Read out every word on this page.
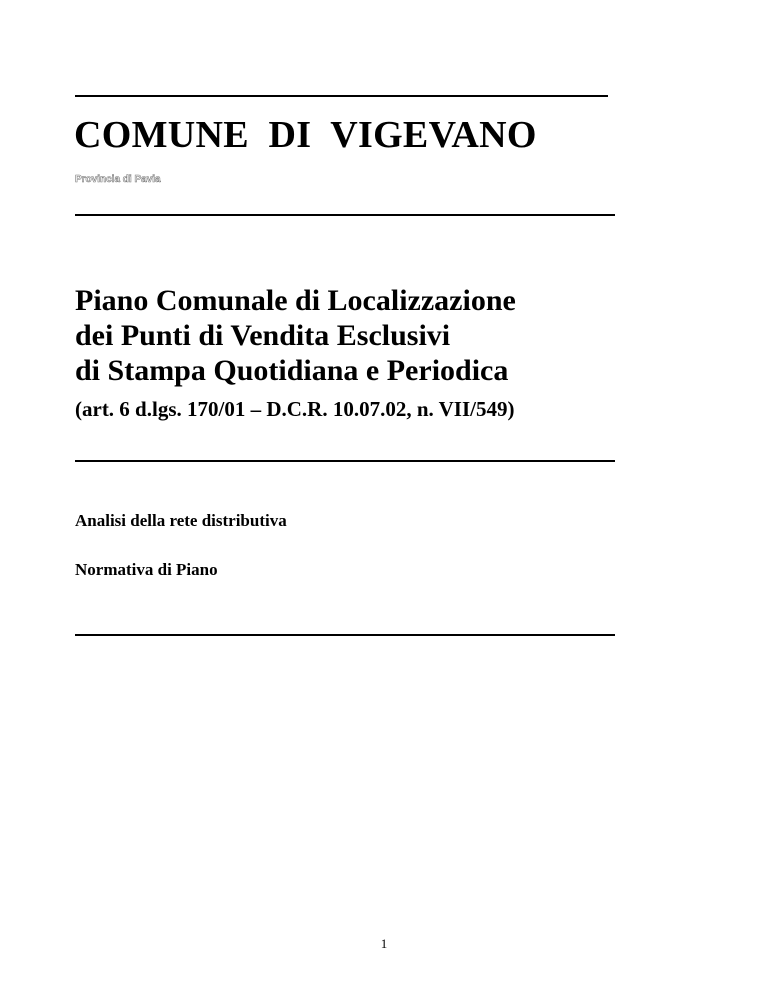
COMUNE  DI  VIGEVANO
Provincia di Pavia
Piano Comunale di Localizzazione
dei Punti di Vendita Esclusivi
di Stampa Quotidiana e Periodica
(art. 6 d.lgs. 170/01 – D.C.R. 10.07.02, n. VII/549)
Analisi della rete distributiva
Normativa di Piano
1
